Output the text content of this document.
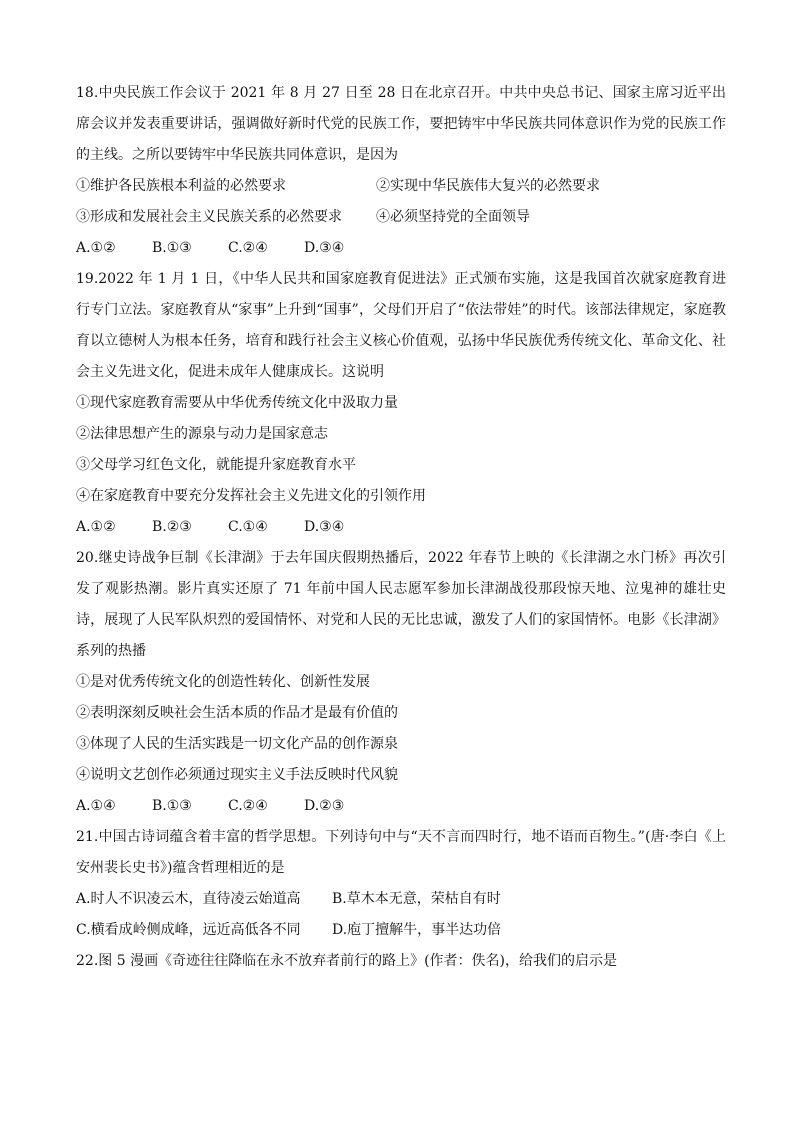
18.中央民族工作会议于 2021 年 8 月 27 日至 28 日在北京召开。中共中央总书记、国家主席习近平出席会议并发表重要讲话，强调做好新时代党的民族工作，要把铸牢中华民族共同体意识作为党的民族工作的主线。之所以要铸牢中华民族共同体意识，是因为

①维护各民族根本利益的必然要求	②实现中华民族伟大复兴的必然要求
③形成和发展社会主义民族关系的必然要求	④必须坚持党的全面领导
A.①②	B.①③	C.②④	D.③④

19.2022 年 1 月 1 日，《中华人民共和国家庭教育促进法》正式颁布实施，这是我国首次就家庭教育进行专门立法。家庭教育从“家事”上升到“国事”，父母们开启了“依法带娃”的时代。该部法律规定，家庭教育以立德树人为根本任务，培育和践行社会主义核心价值观，弘扬中华民族优秀传统文化、革命文化、社会主义先进文化，促进未成年人健康成长。这说明

①现代家庭教育需要从中华优秀传统文化中汲取力量

②法律思想产生的源泉与动力是国家意志

③父母学习红色文化，就能提升家庭教育水平

④在家庭教育中要充分发挥社会主义先进文化的引领作用

A.①②	B.②③	C.①④	D.③④

20.继史诗战争巨制《长津湖》于去年国庆假期热播后，2022 年春节上映的《长津湖之水门桥》再次引发了观影热潮。影片真实还原了 71 年前中国人民志愿军参加长津湖战役那段惊天地、泣鬼神的雄壮史诗，展现了人民军队炽烈的爱国情怀、对党和人民的无比忠诚，激发了人们的家国情怀。电影《长津湖》系列的热播

①是对优秀传统文化的创造性转化、创新性发展

②表明深刻反映社会生活本质的作品才是最有价值的

③体现了人民的生活实践是一切文化产品的创作源泉

④说明文艺创作必须通过现实主义手法反映时代风貌

A.①④	B.①③	C.②④	D.②③

21.中国古诗词蕴含着丰富的哲学思想。下列诗句中与“天不言而四时行，地不语而百物生。”(唐·李白《上安州裴长史书》)蕴含哲理相近的是

A.时人不识凌云木，直待凌云始道高	B.草木本无意，荣枯自有时
C.横看成岭侧成峰，远近高低各不同	D.庖丁擅解牛，事半达功倍

22.图 5 漫画《奇迹往往降临在永不放弃者前行的路上》(作者：佚名)，给我们的启示是
